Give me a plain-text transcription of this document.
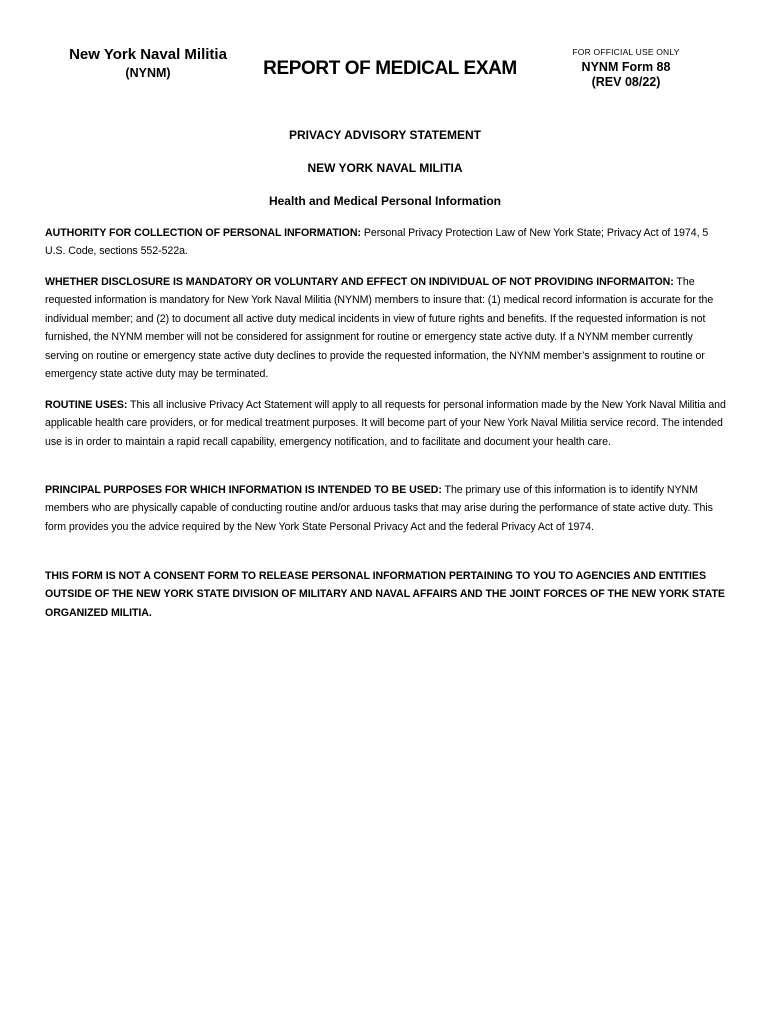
New York Naval Militia
(NYNM)	REPORT OF MEDICAL EXAM
FOR OFFICIAL USE ONLY
NYNM Form 88
(REV 08/22)
PRIVACY ADVISORY STATEMENT
NEW YORK NAVAL MILITIA
Health and Medical Personal Information
AUTHORITY FOR COLLECTION OF PERSONAL INFORMATION: Personal Privacy Protection Law of New York State; Privacy Act of 1974, 5 U.S. Code, sections 552-522a.
WHETHER DISCLOSURE IS MANDATORY OR VOLUNTARY AND EFFECT ON INDIVIDUAL OF NOT PROVIDING INFORMAITON: The requested information is mandatory for New York Naval Militia (NYNM) members to insure that: (1) medical record information is accurate for the individual member; and (2) to document all active duty medical incidents in view of future rights and benefits. If the requested information is not furnished, the NYNM member will not be considered for assignment for routine or emergency state active duty. If a NYNM member currently serving on routine or emergency state active duty declines to provide the requested information, the NYNM member’s assignment to routine or emergency state active duty may be terminated.
ROUTINE USES: This all inclusive Privacy Act Statement will apply to all requests for personal information made by the New York Naval Militia and applicable health care providers, or for medical treatment purposes. It will become part of your New York Naval Militia service record. The intended use is in order to maintain a rapid recall capability, emergency notification, and to facilitate and document your health care.
PRINCIPAL PURPOSES FOR WHICH INFORMATION IS INTENDED TO BE USED: The primary use of this information is to identify NYNM members who are physically capable of conducting routine and/or arduous tasks that may arise during the performance of state active duty. This form provides you the advice required by the New York State Personal Privacy Act and the federal Privacy Act of 1974.
THIS FORM IS NOT A CONSENT FORM TO RELEASE PERSONAL INFORMATION PERTAINING TO YOU TO AGENCIES AND ENTITIES OUTSIDE OF THE NEW YORK STATE DIVISION OF MILITARY AND NAVAL AFFAIRS AND THE JOINT FORCES OF THE NEW YORK STATE ORGANIZED MILITIA.
